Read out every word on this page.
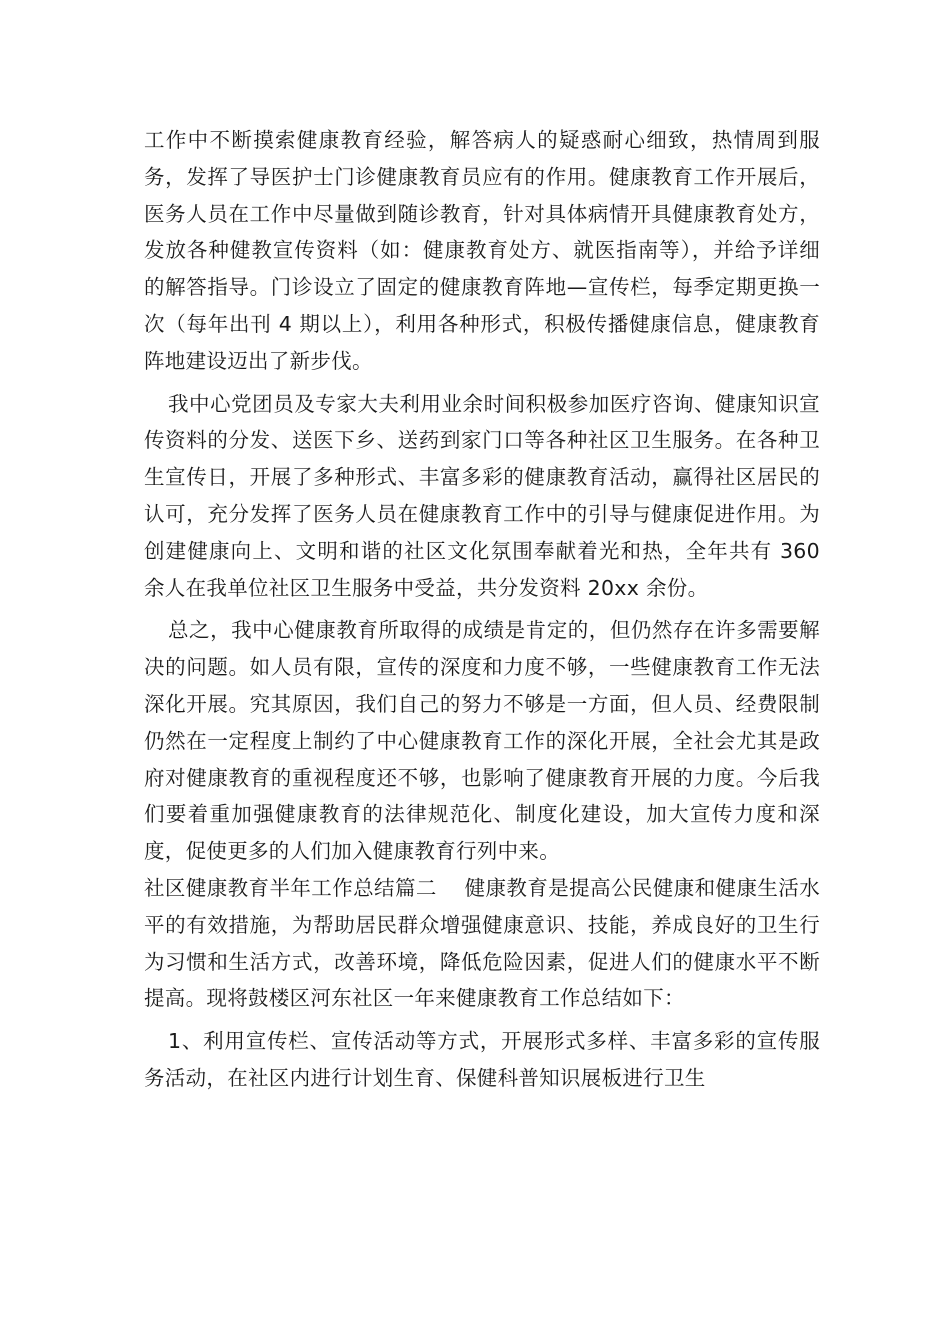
工作中不断摸索健康教育经验，解答病人的疑惑耐心细致，热情周到服务，发挥了导医护士门诊健康教育员应有的作用。健康教育工作开展后，医务人员在工作中尽量做到随诊教育，针对具体病情开具健康教育处方，发放各种健教宣传资料（如：健康教育处方、就医指南等），并给予详细的解答指导。门诊设立了固定的健康教育阵地—宣传栏，每季定期更换一次（每年出刊 4 期以上），利用各种形式，积极传播健康信息，健康教育阵地建设迈出了新步伐。

我中心党团员及专家大夫利用业余时间积极参加医疗咨询、健康知识宣传资料的分发、送医下乡、送药到家门口等各种社区卫生服务。在各种卫生宣传日，开展了多种形式、丰富多彩的健康教育活动，赢得社区居民的认可，充分发挥了医务人员在健康教育工作中的引导与健康促进作用。为创建健康向上、文明和谐的社区文化氛围奉献着光和热，全年共有 360 余人在我单位社区卫生服务中受益，共分发资料 20xx 余份。

总之，我中心健康教育所取得的成绩是肯定的，但仍然存在许多需要解决的问题。如人员有限，宣传的深度和力度不够，一些健康教育工作无法深化开展。究其原因，我们自己的努力不够是一方面，但人员、经费限制仍然在一定程度上制约了中心健康教育工作的深化开展，全社会尤其是政府对健康教育的重视程度还不够，也影响了健康教育开展的力度。今后我们要着重加强健康教育的法律规范化、制度化建设，加大宣传力度和深度，促使更多的人们加入健康教育行列中来。

社区健康教育半年工作总结篇二　 健康教育是提高公民健康和健康生活水平的有效措施，为帮助居民群众增强健康意识、技能，养成良好的卫生行为习惯和生活方式，改善环境，降低危险因素，促进人们的健康水平不断提高。现将鼓楼区河东社区一年来健康教育工作总结如下：

1、利用宣传栏、宣传活动等方式，开展形式多样、丰富多彩的宣传服务活动，在社区内进行计划生育、保健科普知识展板进行卫生
